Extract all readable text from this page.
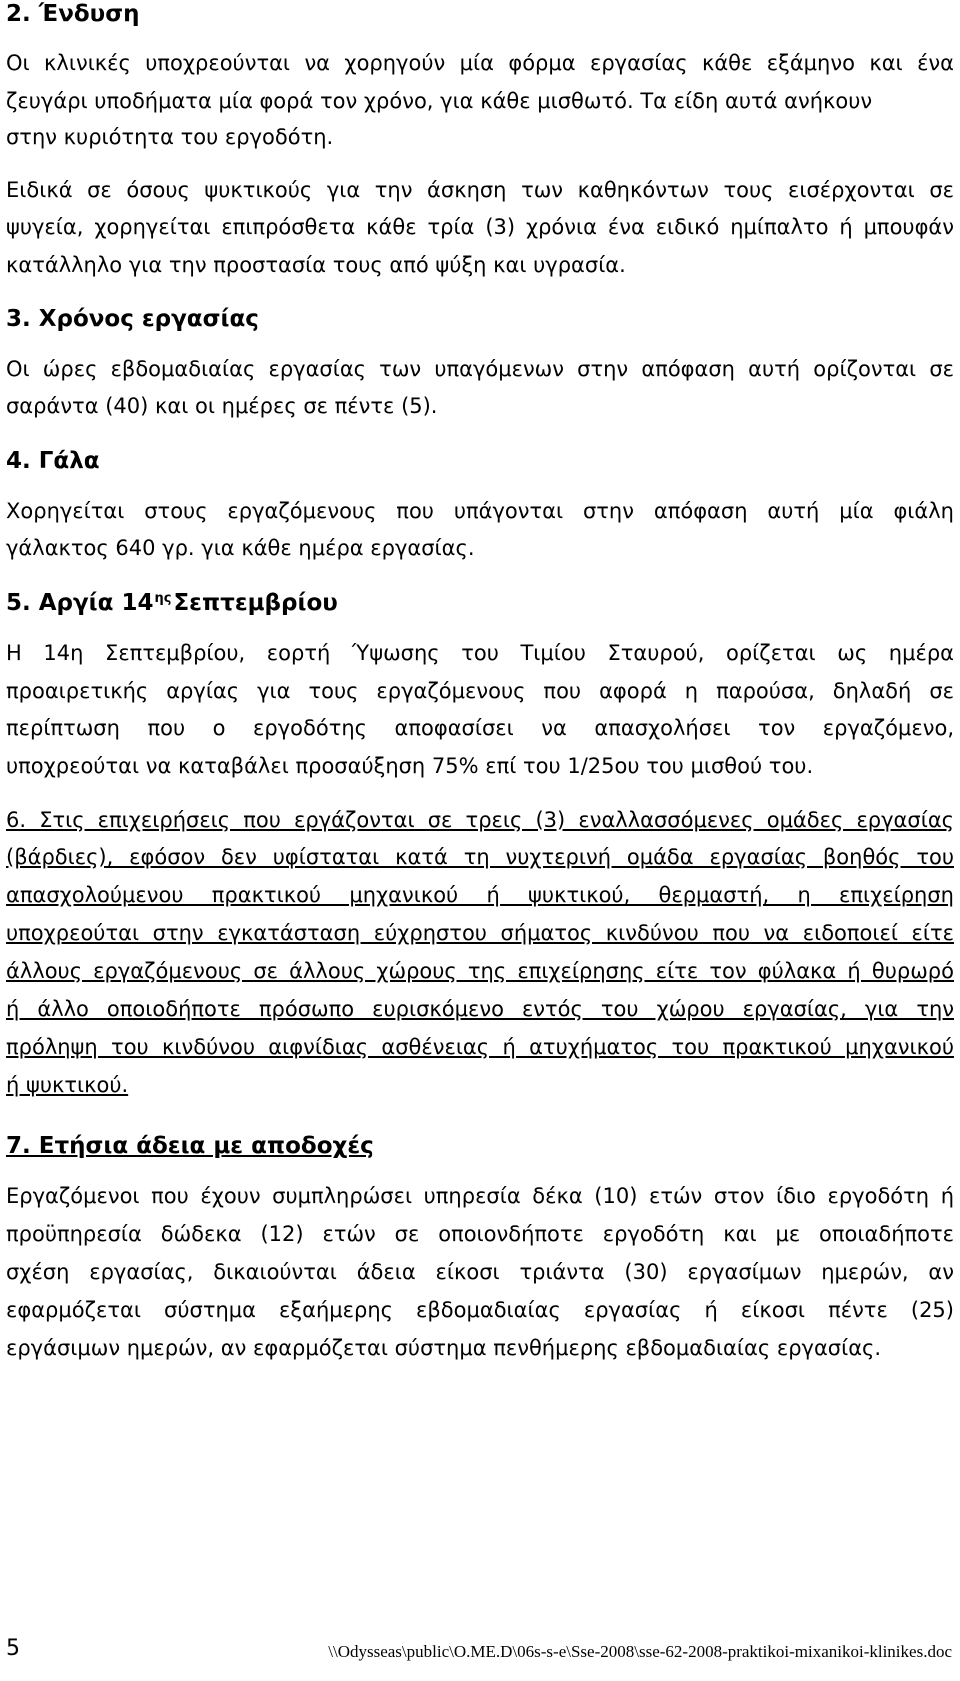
2. Ένδυση
Οι κλινικές υποχρεούνται να χορηγούν μία φόρμα εργασίας κάθε εξάμηνο και ένα
ζευγάρι υποδήματα μία φορά τον χρόνο, για κάθε μισθωτό. Τα είδη αυτά ανήκουν
στην κυριότητα του εργοδότη.
Ειδικά σε όσους ψυκτικούς για την άσκηση των καθηκόντων τους εισέρχονται σε
ψυγεία, χορηγείται επιπρόσθετα κάθε τρία (3) χρόνια ένα ειδικό ημίπαλτο ή μπουφάν
κατάλληλο για την προστασία τους από ψύξη και υγρασία.
3. Χρόνος εργασίας
Οι ώρες εβδομαδιαίας εργασίας των υπαγόμενων στην απόφαση αυτή ορίζονται σε
σαράντα (40) και οι ημέρες σε πέντε (5).
4. Γάλα
Χορηγείται στους εργαζόμενους που υπάγονται στην απόφαση αυτή μία φιάλη
γάλακτος 640 γρ. για κάθε ημέρα εργασίας.
5. Αργία $14^{\eta\varsigma}\Sigma\varepsilon\pi\tau\varepsilon\mu\beta\rho ίo\upsilon$
Η 14η Σεπτεμβρίου, εορτή Ύψωσης του Τιμίου Σταυρού, ορίζεται ως ημέρα
προαιρετικής αργίας για τους εργαζόμενους που αφορά η παρούσα, δηλαδή σε
περίπτωση που ο εργοδότης αποφασίσει να απασχολήσει τον εργαζόμενο,
υποχρεούται να καταβάλει προσαύξηση 75% επί του 1/25ου του μισθού του.
6. Στις επιχειρήσεις που εργάζονται σε τρεις (3) εναλλασσόμενες ομάδες εργασίας
(βάρδιες), εφόσον δεν υφίσταται κατά τη νυχτερινή ομάδα εργασίας βοηθός του
απασχολούμενου πρακτικού μηχανικού ή ψυκτικού, θερμαστή, η επιχείρηση
υποχρεούται στην εγκατάσταση εύχρηστου σήματος κινδύνου που να ειδοποιεί είτε
άλλους εργαζόμενους σε άλλους χώρους της επιχείρησης είτε τον φύλακα ή θυρωρό
ή άλλο οποιοδήποτε πρόσωπο ευρισκόμενο εντός του χώρου εργασίας, για την
πρόληψη του κινδύνου αιφνίδιας ασθένειας ή ατυχήματος του πρακτικού μηχανικού
ή ψυκτικού.
7. Ετήσια άδεια με αποδοχές
Εργαζόμενοι που έχουν συμπληρώσει υπηρεσία δέκα (10) ετών στον ίδιο εργοδότη ή
προϋπηρεσία δώδεκα (12) ετών σε οποιονδήποτε εργοδότη και με οποιαδήποτε
σχέση εργασίας, δικαιούνται άδεια είκοσι τριάντα (30) εργασίμων ημερών, αν
εφαρμόζεται σύστημα εξαήμερης εβδομαδιαίας εργασίας ή είκοσι πέντε (25)
εργάσιμων ημερών, αν εφαρμόζεται σύστημα πενθήμερης εβδομαδιαίας εργασίας.
5	\\Odysseas\public\O.ME.D\06s-s-e\Sse-2008\sse-62-2008-praktikoi-mixanikoi-klinikes.doc
